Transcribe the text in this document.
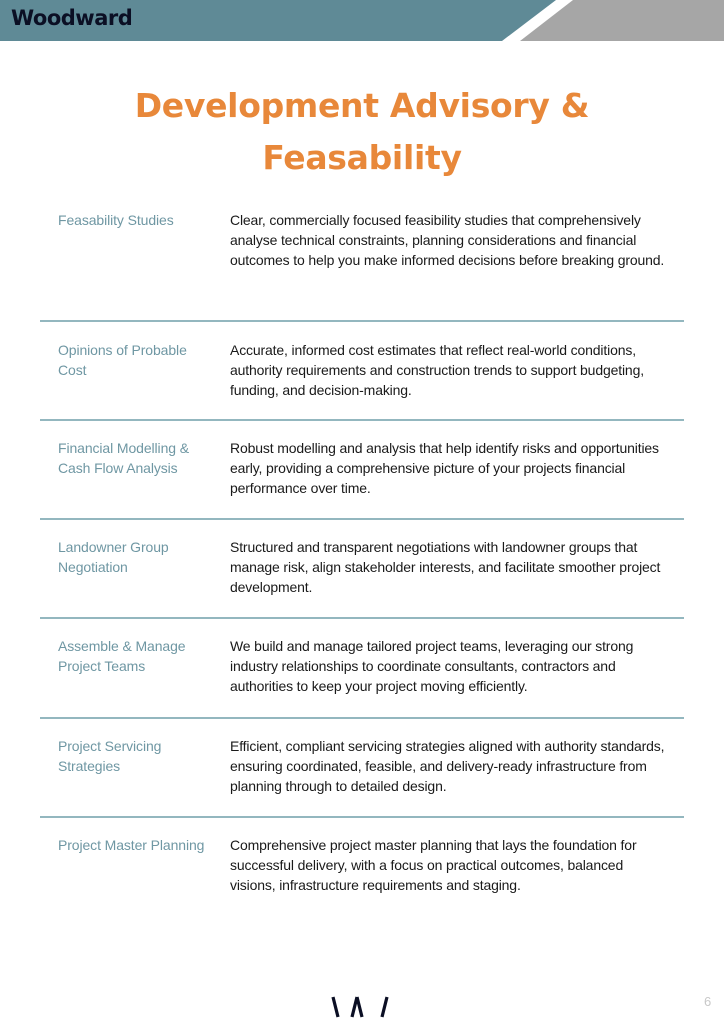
Woodward
Development Advisory &
Feasability
Feasability Studies	Clear, commercially focused feasibility studies that comprehensively analyse technical constraints, planning considerations and financial outcomes to help you make informed decisions before breaking ground.
Opinions of Probable Cost
Accurate, informed cost estimates that reflect real-world conditions, authority requirements and construction trends to support budgeting, funding, and decision-making.
Financial Modelling & Cash Flow Analysis
Robust modelling and analysis that help identify risks and opportunities early, providing a comprehensive picture of your projects financial performance over time.
Landowner Group Negotiation
Structured and transparent negotiations with landowner groups that manage risk, align stakeholder interests, and facilitate smoother project development.
Assemble & Manage Project Teams
We build and manage tailored project teams, leveraging our strong industry relationships to coordinate consultants, contractors and authorities to keep your project moving efficiently.
Project Servicing Strategies
Efficient, compliant servicing strategies aligned with authority standards, ensuring coordinated, feasible, and delivery-ready infrastructure from planning through to detailed design.
Project Master Planning	Comprehensive project master planning that lays the foundation for successful delivery, with a focus on practical outcomes, balanced visions, infrastructure requirements and staging.
6
